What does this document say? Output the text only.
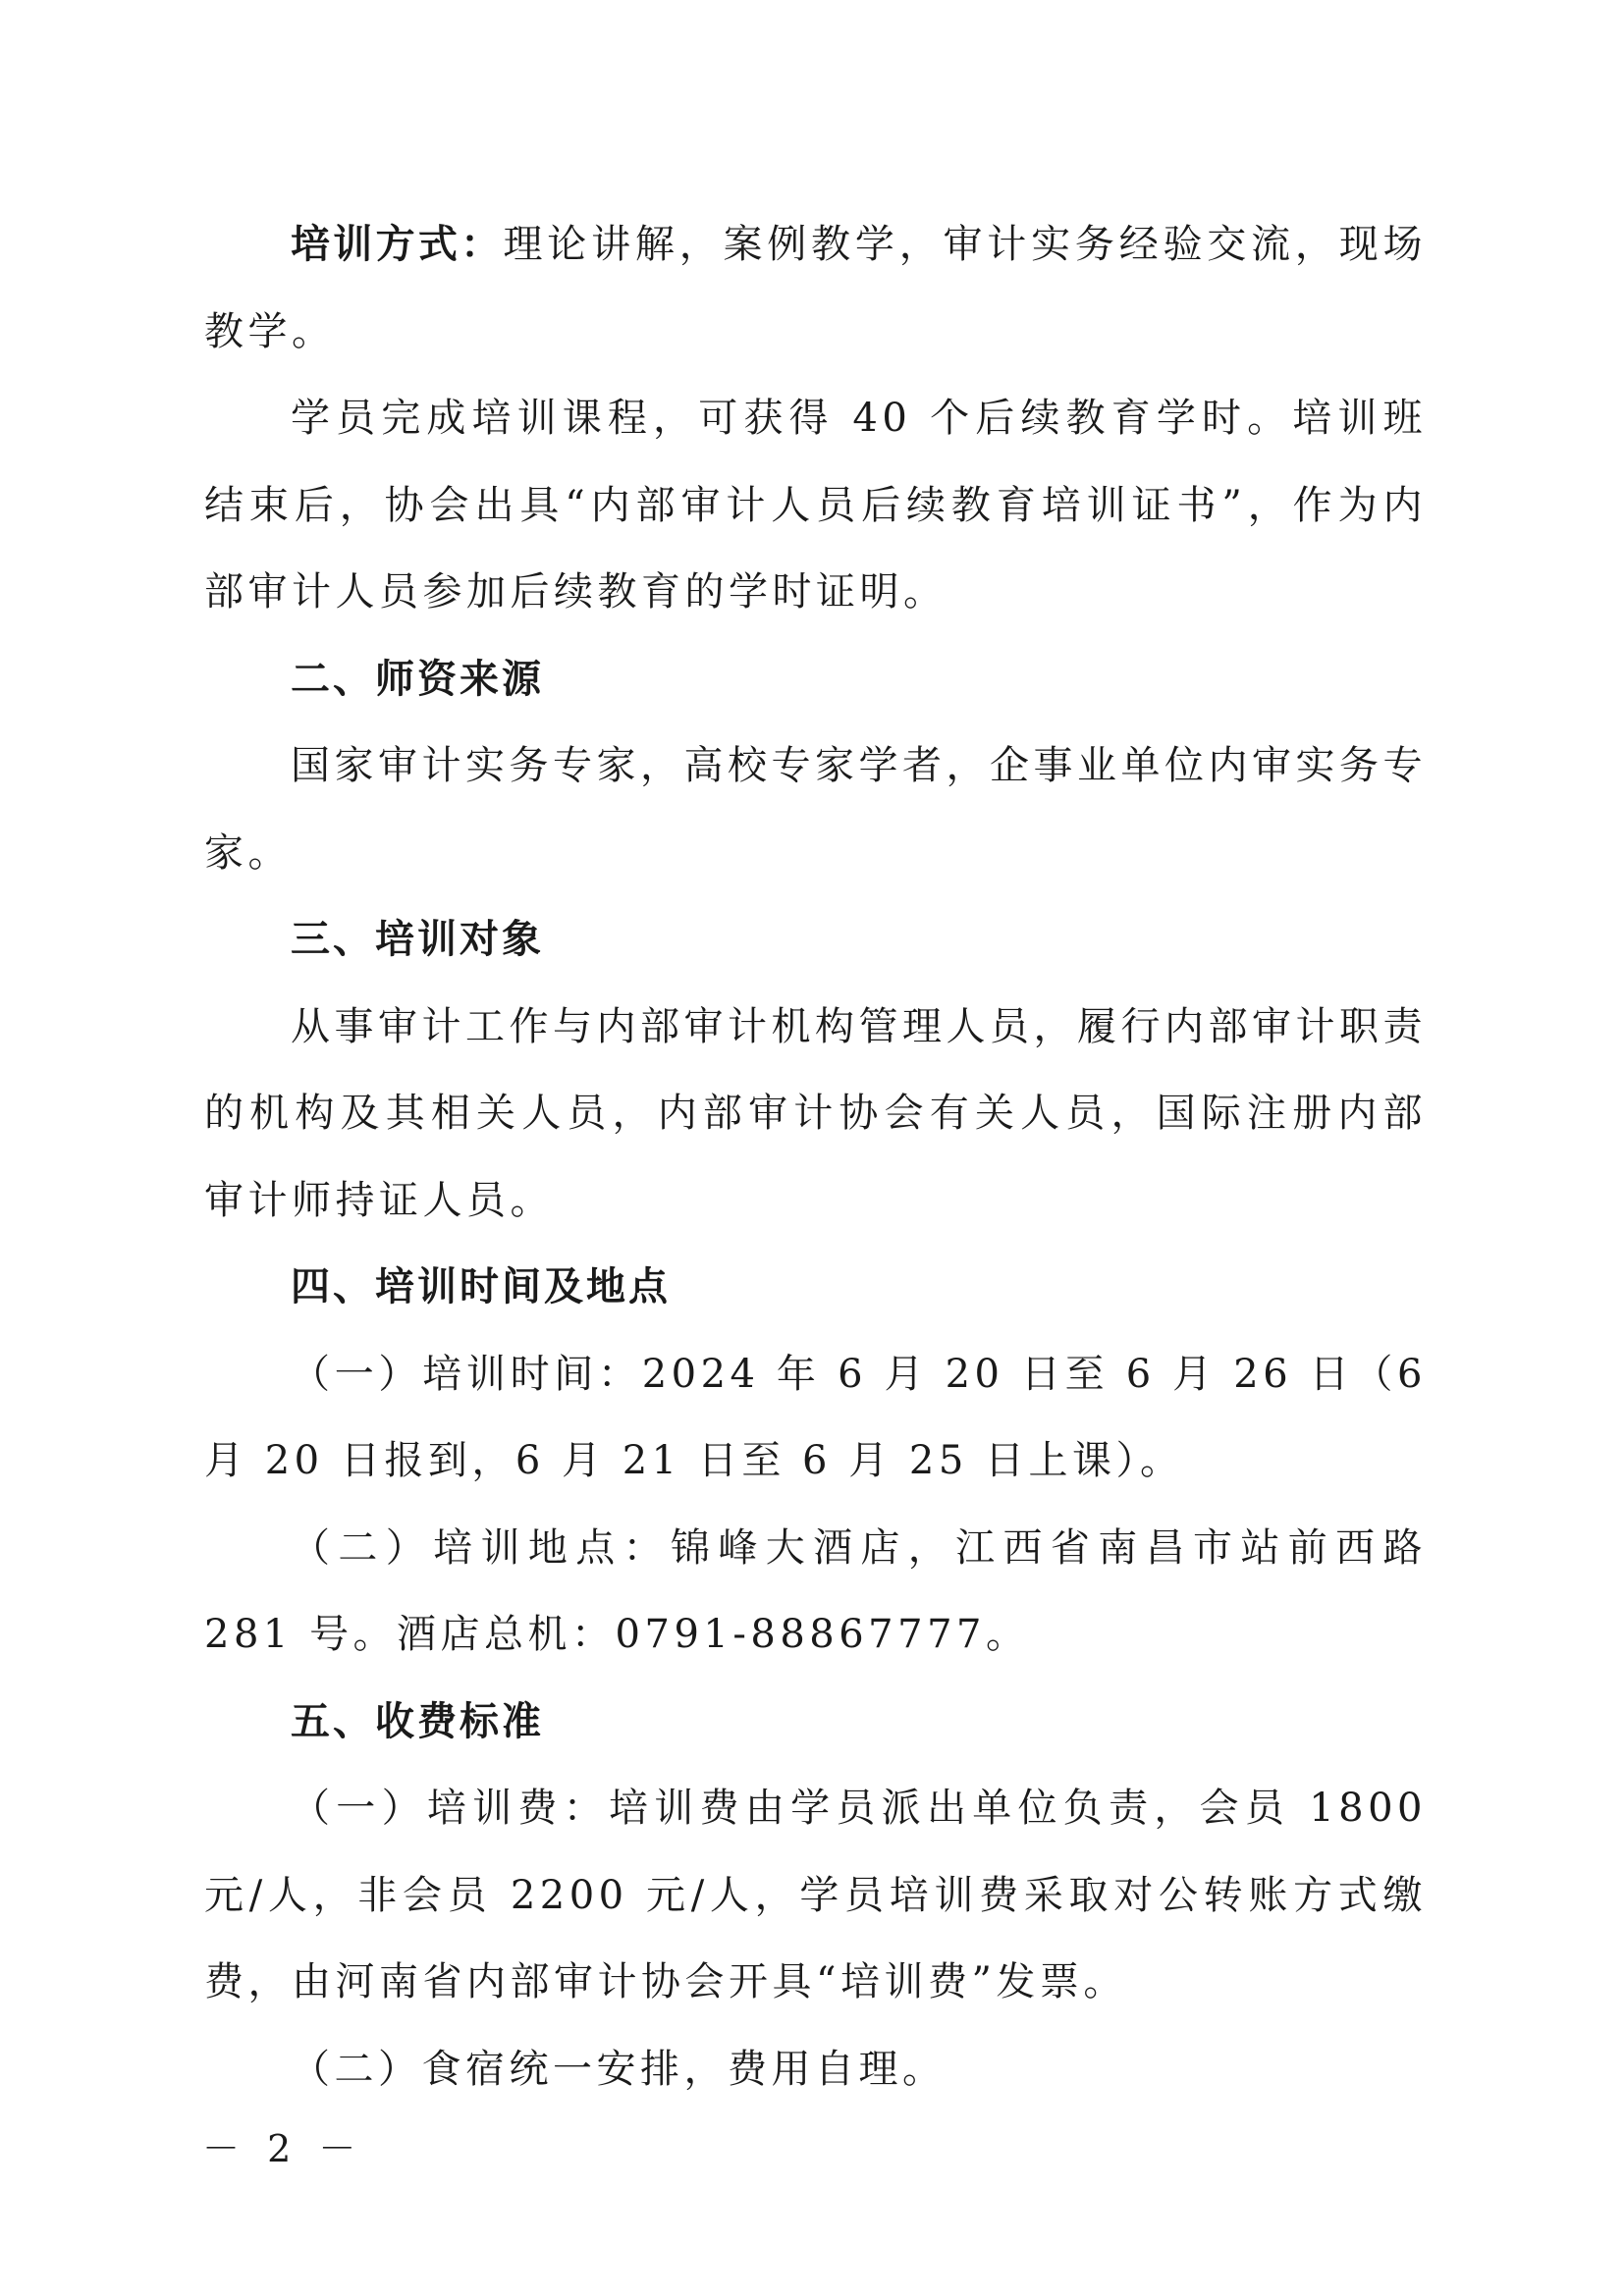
培训方式：理论讲解，案例教学，审计实务经验交流，现场教学。

学员完成培训课程，可获得 40 个后续教育学时。培训班结束后，协会出具“内部审计人员后续教育培训证书”，作为内部审计人员参加后续教育的学时证明。

二、师资来源

国家审计实务专家，高校专家学者，企事业单位内审实务专家。

三、培训对象

从事审计工作与内部审计机构管理人员，履行内部审计职责的机构及其相关人员，内部审计协会有关人员，国际注册内部审计师持证人员。

四、培训时间及地点

（一）培训时间：2024 年 6 月 20 日至 6 月 26 日（6 月 20 日报到，6 月 21 日至 6 月 25 日上课）。

（二）培训地点：锦峰大酒店，江西省南昌市站前西路 281 号。酒店总机：0791-88867777。

五、收费标准

（一）培训费：培训费由学员派出单位负责，会员 1800 元/人，非会员 2200 元/人，学员培训费采取对公转账方式缴费，由河南省内部审计协会开具“培训费”发票。

（二）食宿统一安排，费用自理。

－ 2 －
